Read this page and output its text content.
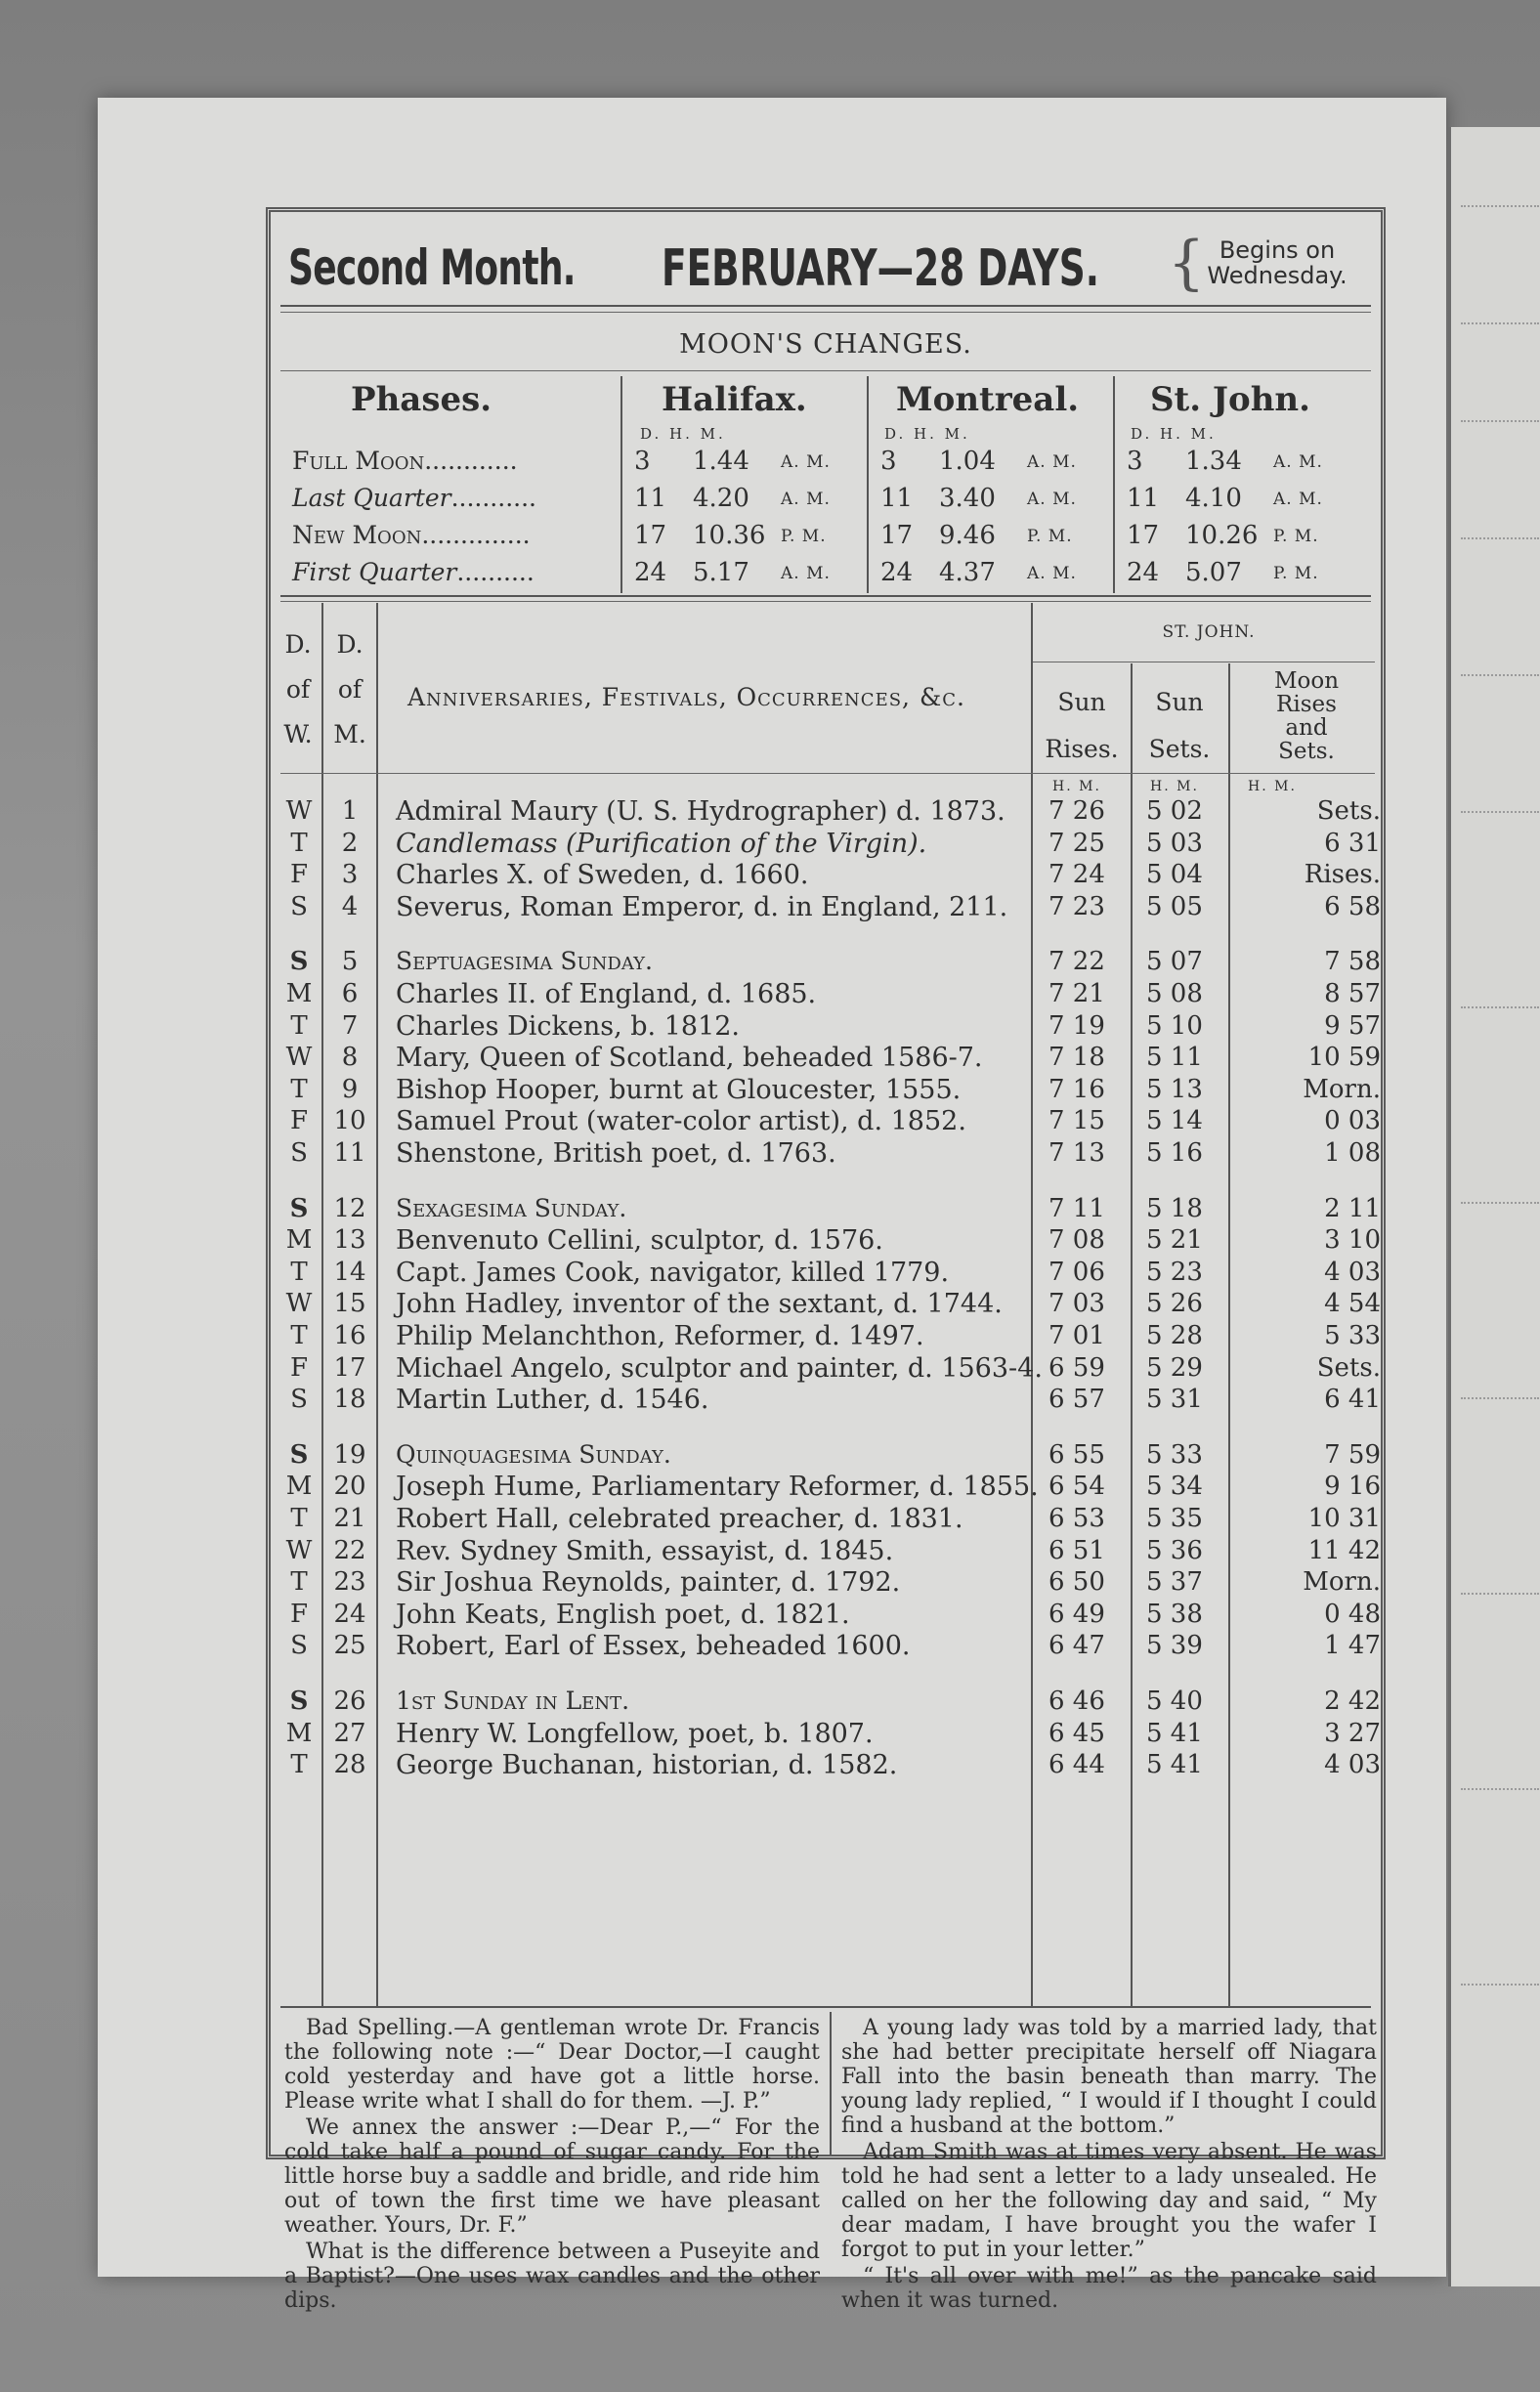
Second Month. FEBRUARY—28 DAYS. { Begins on
Wednesday.
MOON'S CHANGES.
Phases.	Halifax.	Montreal. St. John.
D. H. M.	D. H. M.	D. H. M.
Full Moon............	3 1.44 A. M. 3 1.04 A. M. 3 1.34 A. M.
Last Quarter...........	11 4.20 A. M. 11 3.40 A. M. 11 4.10 A. M.
New Moon..............	17 10.36 P. M. 17 9.46 P. M. 17 10.26 P. M.
First Quarter..........	24 5.17 A. M. 24 4.37 A. M. 24 5.07 P. M.
D.
of
W.
D.
of
M.
Anniversaries, Festivals, Occurrences, &c.
ST. JOHN.
Sun
Rises.
Sun
Sets.
Moon
Rises
and
Sets.
H. M.	H. M.	H. M.
W	1	Admiral Maury (U. S. Hydrographer) d. 1873. 7 26 5 02	Sets.
T	2	Candlemass (Purification of the Virgin).	7 25 5 03	6 31
F	3	Charles X. of Sweden, d. 1660.	7 24 5 04	Rises.
S	4	Severus, Roman Emperor, d. in England, 211. 7 23 5 05	6 58
S	5	Septuagesima Sunday.	7 22 5 07	7 58
M	6	Charles II. of England, d. 1685.	7 21 5 08	8 57
T	7	Charles Dickens, b. 1812.	7 19 5 10	9 57
W	8	Mary, Queen of Scotland, beheaded 1586-7.	7 18 5 11	10 59
T	9	Bishop Hooper, burnt at Gloucester, 1555.	7 16 5 13	Morn.
F 10 Samuel Prout (water-color artist), d. 1852.	7 15 5 14	0 03
S 11 Shenstone, British poet, d. 1763.	7 13 5 16	1 08
S 12 Sexagesima Sunday.	7 11 5 18	2 11
M 13 Benvenuto Cellini, sculptor, d. 1576.	7 08 5 21	3 10
T 14 Capt. James Cook, navigator, killed 1779.	7 06 5 23	4 03
W 15 John Hadley, inventor of the sextant, d. 1744. 7 03 5 26	4 54
T 16 Philip Melanchthon, Reformer, d. 1497.	7 01 5 28	5 33
F 17 Michael Angelo, sculptor and painter, d. 1563-4. 6 59 5 29	Sets.
S 18 Martin Luther, d. 1546.	6 57 5 31	6 41
S 19 Quinquagesima Sunday.	6 55 5 33	7 59
M 20 Joseph Hume, Parliamentary Reformer, d. 1855. 6 54 5 34	9 16
T 21 Robert Hall, celebrated preacher, d. 1831.	6 53 5 35	10 31
W 22 Rev. Sydney Smith, essayist, d. 1845.	6 51 5 36	11 42
T 23 Sir Joshua Reynolds, painter, d. 1792.	6 50 5 37	Morn.
F 24 John Keats, English poet, d. 1821.	6 49 5 38	0 48
S 25 Robert, Earl of Essex, beheaded 1600.	6 47 5 39	1 47
S 26 1st Sunday in Lent.	6 46 5 40	2 42
M 27 Henry W. Longfellow, poet, b. 1807.	6 45 5 41	3 27
T 28 George Buchanan, historian, d. 1582.	6 44 5 41	4 03

Bad Spelling.—A gentleman wrote Dr. Francis the following note :—“ Dear Doctor,—I caught cold yesterday and have got a little horse. Please write what I shall do for them. —J. P.”

We annex the answer :—Dear P.,—“ For the cold take half a pound of sugar candy. For the little horse buy a saddle and bridle, and ride him out of town the first time we have pleasant weather. Yours, Dr. F.”

What is the difference between a Puseyite and a Baptist?—One uses wax candles and the other dips.

A young lady was told by a married lady, that she had better precipitate herself off Niagara Fall into the basin beneath than marry. The young lady replied, “ I would if I thought I could find a husband at the bottom.”

Adam Smith was at times very absent. He was told he had sent a letter to a lady unsealed. He called on her the following day and said, “ My dear madam, I have brought you the wafer I forgot to put in your letter.”

“ It's all over with me!” as the pancake said when it was turned.
